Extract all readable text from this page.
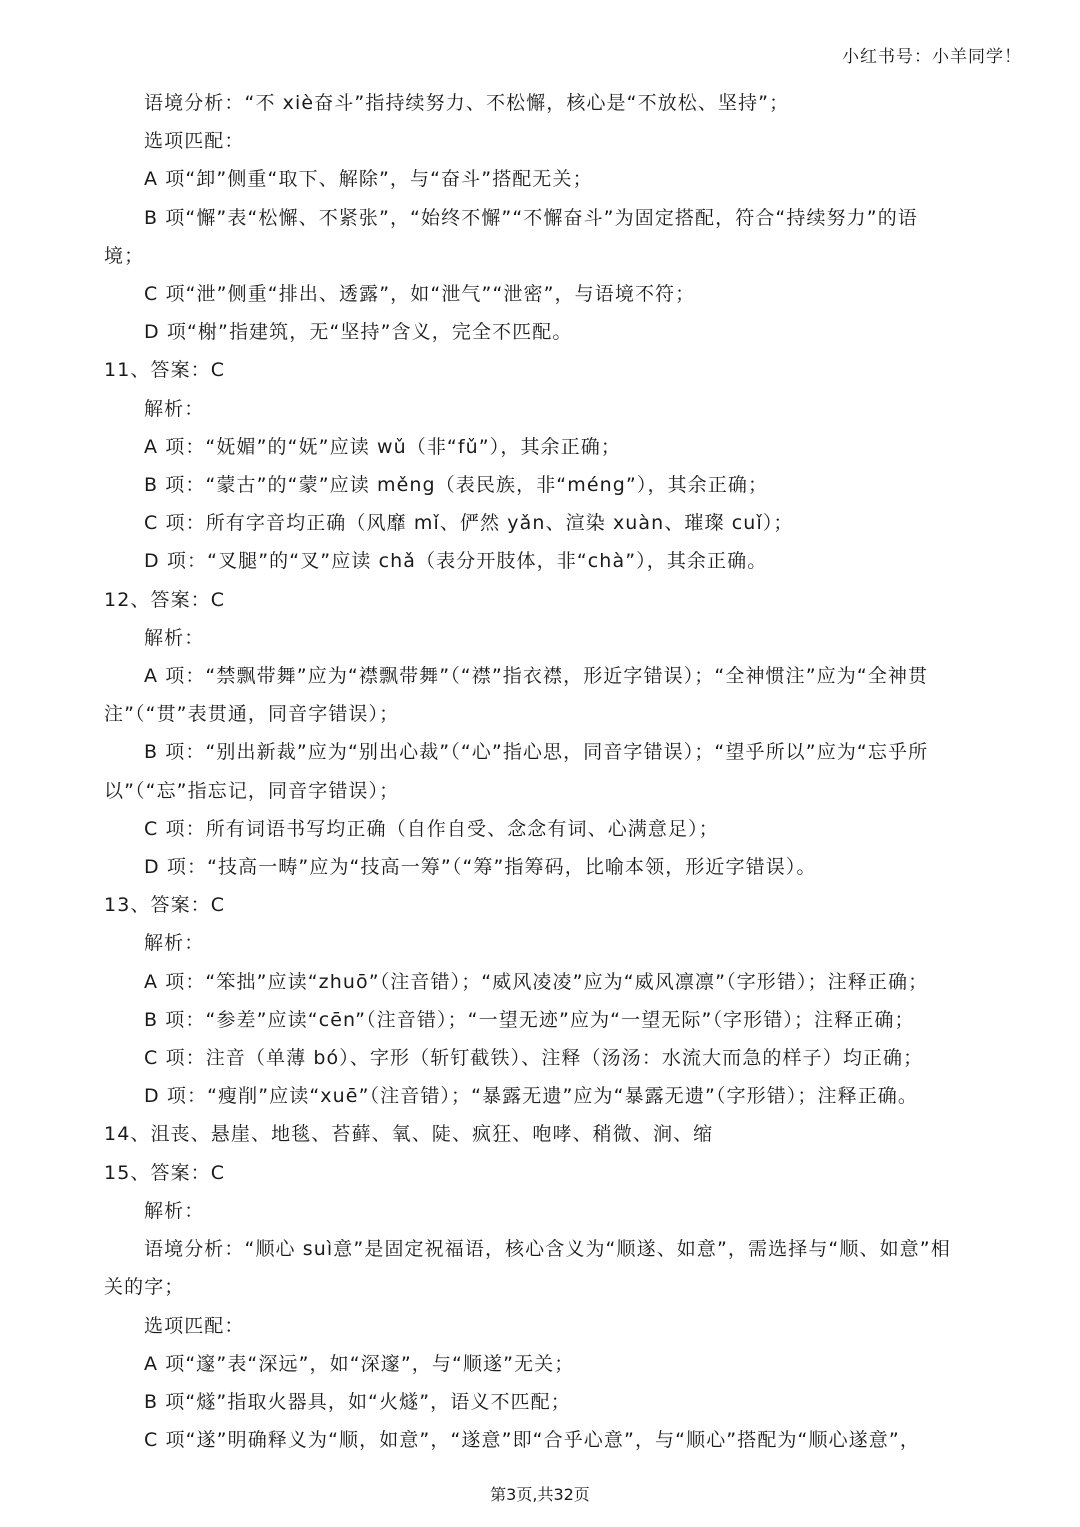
小红书号：小羊同学！
语境分析：“不 xiè奋斗”指持续努力、不松懈，核心是“不放松、坚持”；
选项匹配：
A 项“卸”侧重“取下、解除”，与“奋斗”搭配无关；
B 项“懈”表“松懈、不紧张”，“始终不懈”“不懈奋斗”为固定搭配，符合“持续努力”的语
境；
C 项“泄”侧重“排出、透露”，如“泄气”“泄密”，与语境不符；
D 项“榭”指建筑，无“坚持”含义，完全不匹配。
11、答案：C
解析：
A 项：“妩媚”的“妩”应读 wǔ（非“fǔ”），其余正确；
B 项：“蒙古”的“蒙”应读 měng（表民族，非“méng”），其余正确；
C 项：所有字音均正确（风靡 mǐ、俨然 yǎn、渲染 xuàn、璀璨 cuǐ）；
D 项：“叉腿”的“叉”应读 chǎ（表分开肢体，非“chà”），其余正确。
12、答案：C
解析：
A 项：“禁飘带舞”应为“襟飘带舞”（“襟”指衣襟，形近字错误）；“全神惯注”应为“全神贯
注”（“贯”表贯通，同音字错误）；
B 项：“别出新裁”应为“别出心裁”（“心”指心思，同音字错误）；“望乎所以”应为“忘乎所
以”（“忘”指忘记，同音字错误）；
C 项：所有词语书写均正确（自作自受、念念有词、心满意足）；
D 项：“技高一畴”应为“技高一筹”（“筹”指筹码，比喻本领，形近字错误）。
13、答案：C
解析：
A 项：“笨拙”应读“zhuō”（注音错）；“威风凌凌”应为“威风凛凛”（字形错）；注释正确；
B 项：“参差”应读“cēn”（注音错）；“一望无迹”应为“一望无际”（字形错）；注释正确；
C 项：注音（单薄 bó）、字形（斩钉截铁）、注释（汤汤：水流大而急的样子）均正确；
D 项：“瘦削”应读“xuē”（注音错）；“暴露无遗”应为“暴露无遗”（字形错）；注释正确。
14、沮丧、悬崖、地毯、苔藓、氧、陡、疯狂、咆哮、稍微、涧、缩
15、答案：C
解析：
语境分析：“顺心 suì意”是固定祝福语，核心含义为“顺遂、如意”，需选择与“顺、如意”相
关的字；
选项匹配：
A 项“邃”表“深远”，如“深邃”，与“顺遂”无关；
B 项“燧”指取火器具，如“火燧”，语义不匹配；
C 项“遂”明确释义为“顺，如意”，“遂意”即“合乎心意”，与“顺心”搭配为“顺心遂意”，
第3页,共32页
